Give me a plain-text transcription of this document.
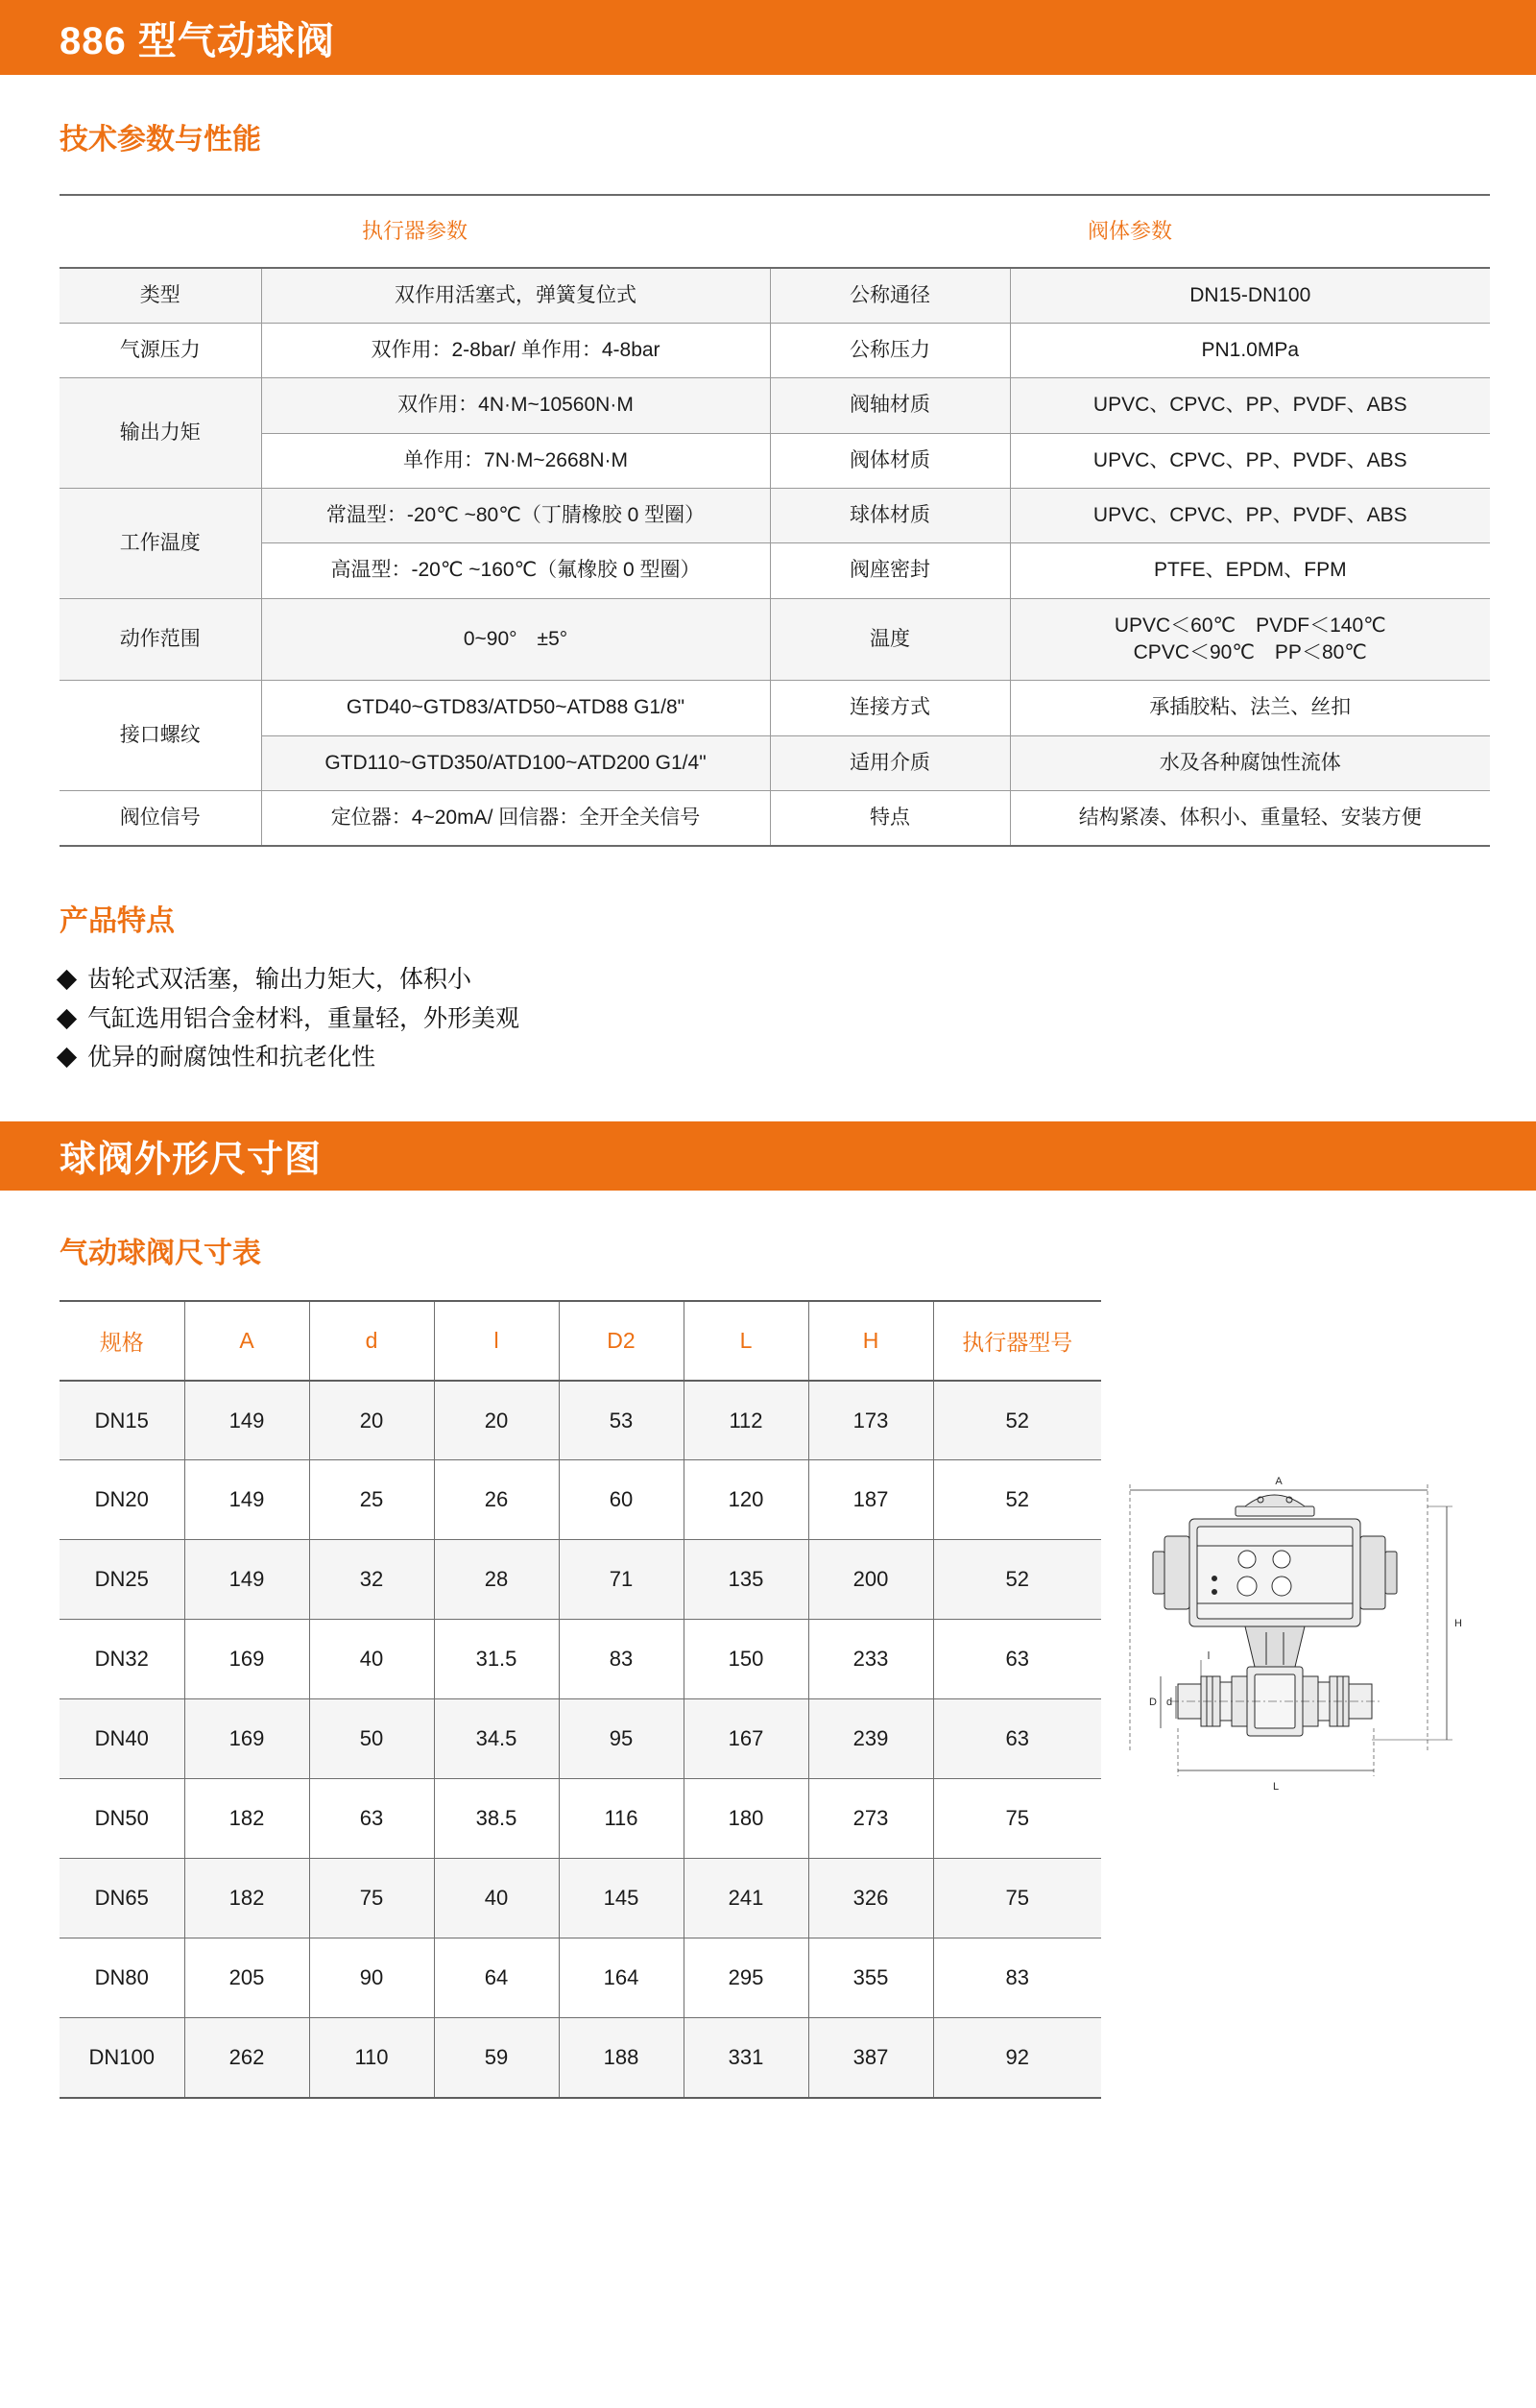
886 型气动球阀
技术参数与性能
执行器参数		阀体参数	
类型	双作用活塞式，弹簧复位式	公称通径	DN15-DN100
气源压力	双作用：2-8bar/ 单作用：4-8bar	公称压力	PN1.0MPa
输出力矩	双作用：4N·M~10560N·M	阀轴材质	UPVC、CPVC、PP、PVDF、ABS
	单作用：7N·M~2668N·M	阀体材质	UPVC、CPVC、PP、PVDF、ABS
工作温度	常温型：-20℃ ~80℃（丁腈橡胶 0 型圈）	球体材质	UPVC、CPVC、PP、PVDF、ABS
	高温型：-20℃ ~160℃（氟橡胶 0 型圈）	阀座密封	PTFE、EPDM、FPM
动作范围	0~90°　±5°	温度	UPVC＜60℃　PVDF＜140℃
CPVC＜90℃　PP＜80℃

接口螺纹	GTD40~GTD83/ATD50~ATD88 G1/8"	连接方式	承插胶粘、法兰、丝扣
	GTD110~GTD350/ATD100~ATD200 G1/4"	适用介质	水及各种腐蚀性流体
阀位信号	定位器：4~20mA/ 回信器：全开全关信号	特点	结构紧凑、体积小、重量轻、安装方便
产品特点
齿轮式双活塞，输出力矩大，体积小
气缸选用铝合金材料，重量轻，外形美观
优异的耐腐蚀性和抗老化性
球阀外形尺寸图
气动球阀尺寸表
规格	A	d	l	D2	L	H	执行器型号
DN15	149	20	20	53	112	173	52
DN20	149	25	26	60	120	187	52
DN25	149	32	28	71	135	200	52
DN32	169	40	31.5	83	150	233	63
DN40	169	50	34.5	95	167	239	63
DN50	182	63	38.5	116	180	273	75
DN65	182	75	40	145	241	326	75
DN80	205	90	64	164	295	355	83
DN100	262	110	59	188	331	387	92
A
H
l
D d
L
